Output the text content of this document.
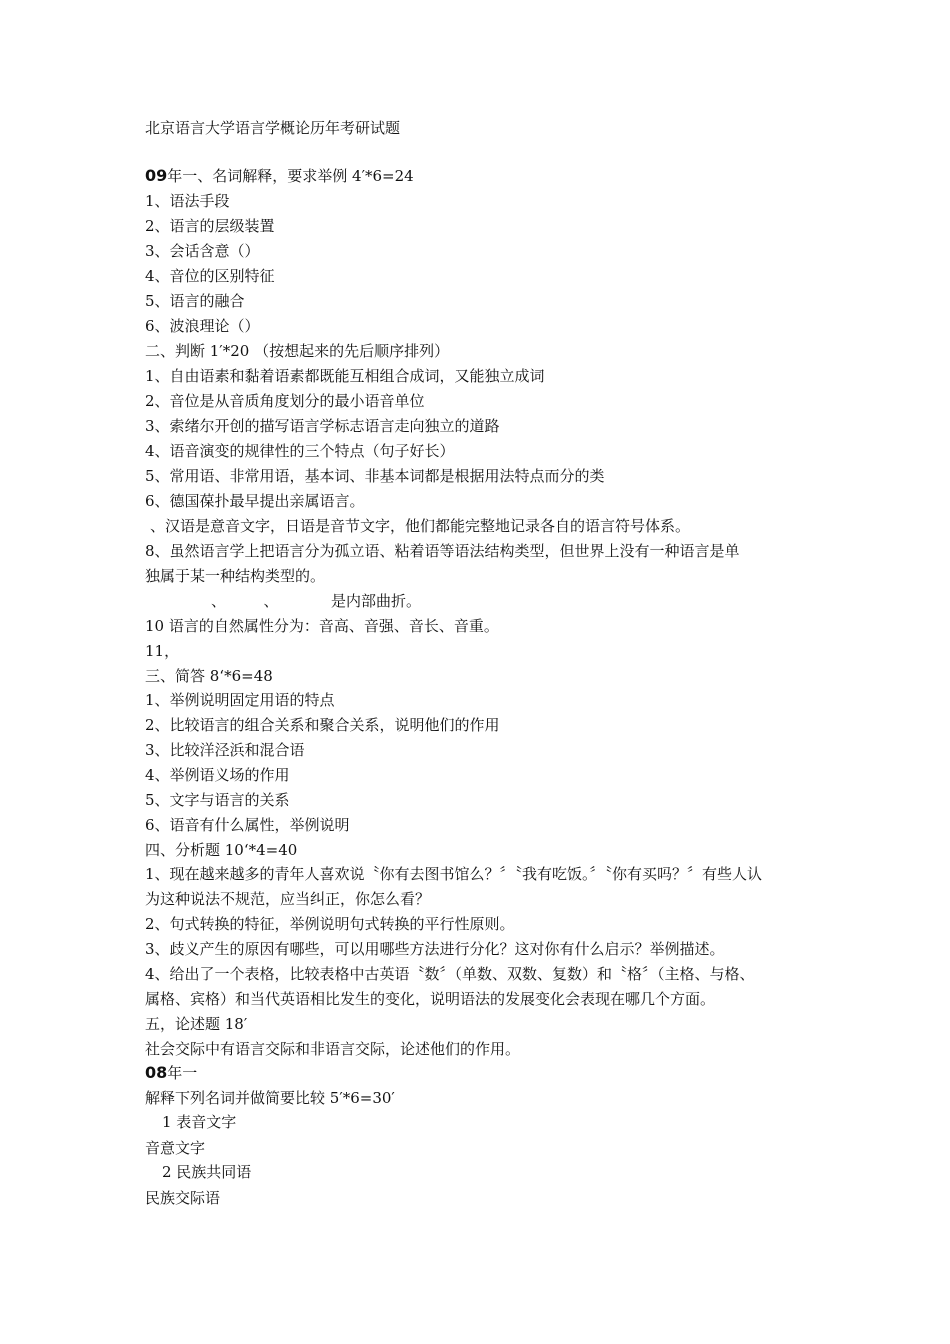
北京语言大学语言学概论历年考研试题
09年一、名词解释，要求举例 4′*6=24
1、语法手段
2、语言的层级装置
3、会话含意（）
4、音位的区别特征
5、语言的融合
6、波浪理论（）
二、判断 1′*20 （按想起来的先后顺序排列）
1、自由语素和黏着语素都既能互相组合成词，又能独立成词
2、音位是从音质角度划分的最小语音单位
3、索绪尔开创的描写语言学标志语言走向独立的道路
4、语音演变的规律性的三个特点（句子好长）
5、常用语、非常用语，基本词、非基本词都是根据用法特点而分的类
6、德国葆扑最早提出亲属语言。
、汉语是意音文字，日语是音节文字，他们都能完整地记录各自的语言符号体系。
8、虽然语言学上把语言分为孤立语、粘着语等语法结构类型，但世界上没有一种语言是单
独属于某一种结构类型的。
、　　　、　　　　是内部曲折。
10 语言的自然属性分为：音高、音强、音长、音重。
11，
三、简答 8‘*6=48
1、举例说明固定用语的特点
2、比较语言的组合关系和聚合关系，说明他们的作用
3、比较洋泾浜和混合语
4、举例语义场的作用
5、文字与语言的关系
6、语音有什么属性，举例说明
四、分析题 10‘*4=40
1、现在越来越多的青年人喜欢说〝你有去图书馆么？〞〝我有吃饭。〞〝你有买吗？〞有些人认
为这种说法不规范，应当纠正，你怎么看？
2、句式转换的特征，举例说明句式转换的平行性原则。
3、歧义产生的原因有哪些，可以用哪些方法进行分化？这对你有什么启示？举例描述。
4、给出了一个表格，比较表格中古英语〝数〞（单数、双数、复数）和〝格〞（主格、与格、
属格、宾格）和当代英语相比发生的变化，说明语法的发展变化会表现在哪几个方面。
五，论述题 18′
社会交际中有语言交际和非语言交际，论述他们的作用。
08年一
解释下列名词并做简要比较 5′*6=30′
1 表音文字
音意文字
2 民族共同语
民族交际语
